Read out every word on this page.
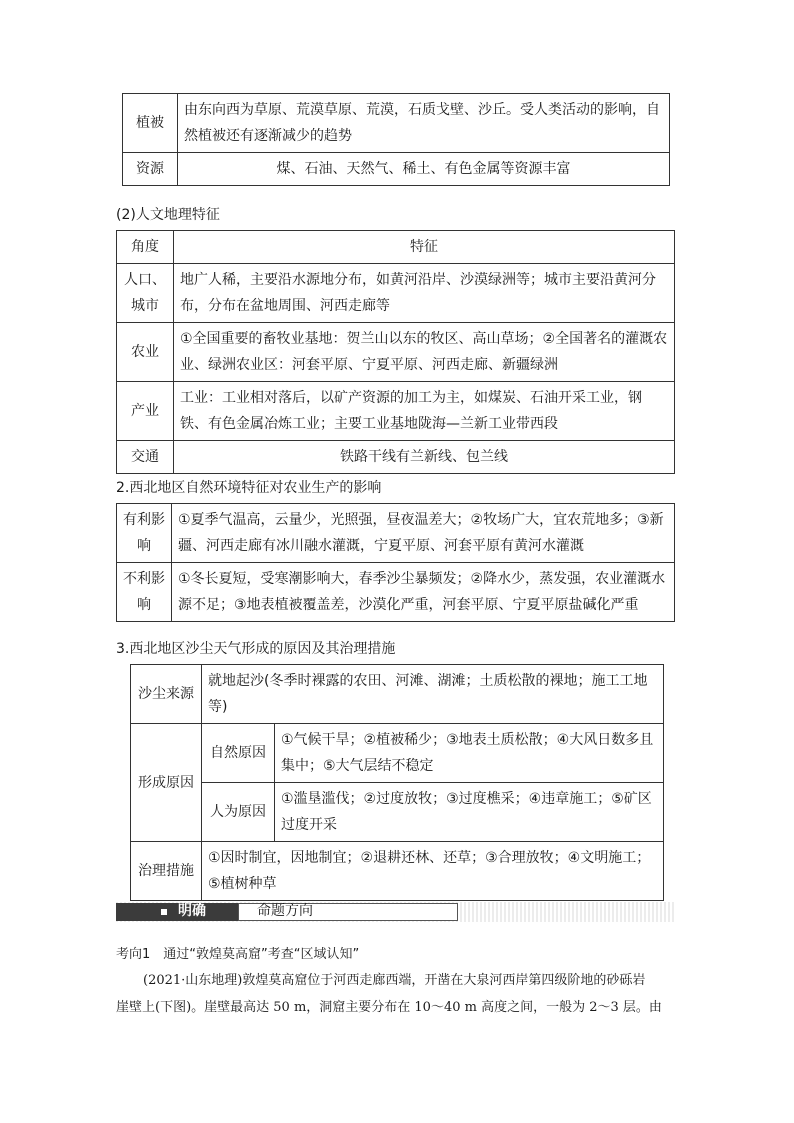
植被	由东向西为草原、荒漠草原、荒漠，石质戈壁、沙丘。受人类活动的影响，自然植被还有逐渐减少的趋势
资源	煤、石油、天然气、稀土、有色金属等资源丰富
(2)人文地理特征
角度	特征
人口、城市	地广人稀，主要沿水源地分布，如黄河沿岸、沙漠绿洲等；城市主要沿黄河分布，分布在盆地周围、河西走廊等
农业	①全国重要的畜牧业基地：贺兰山以东的牧区、高山草场；②全国著名的灌溉农业、绿洲农业区：河套平原、宁夏平原、河西走廊、新疆绿洲
产业	工业：工业相对落后，以矿产资源的加工为主，如煤炭、石油开采工业，钢铁、有色金属冶炼工业；主要工业基地陇海—兰新工业带西段
交通	铁路干线有兰新线、包兰线
2.西北地区自然环境特征对农业生产的影响
有利影响	①夏季气温高，云量少，光照强，昼夜温差大；②牧场广大，宜农荒地多；③新疆、河西走廊有冰川融水灌溉，宁夏平原、河套平原有黄河水灌溉
不利影响	①冬长夏短，受寒潮影响大，春季沙尘暴频发；②降水少，蒸发强，农业灌溉水源不足；③地表植被覆盖差，沙漠化严重，河套平原、宁夏平原盐碱化严重
3.西北地区沙尘天气形成的原因及其治理措施
沙尘来源	就地起沙(冬季时裸露的农田、河滩、湖滩；土质松散的裸地；施工工地等)	
形成原因	自然原因	①气候干旱；②植被稀少；③地表土质松散；④大风日数多且集中；⑤大气层结不稳定
	人为原因	①滥垦滥伐；②过度放牧；③过度樵采；④违章施工；⑤矿区过度开采
治理措施	①因时制宜，因地制宜；②退耕还林、还草；③合理放牧；④文明施工；⑤植树种草	
明确	命题方向
考向1　通过“敦煌莫高窟”考查“区域认知”
(2021·山东地理)敦煌莫高窟位于河西走廊西端，开凿在大泉河西岸第四级阶地的砂砾岩
崖壁上(下图)。崖壁最高达 50 m，洞窟主要分布在 10～40 m 高度之间，一般为 2～3 层。由
